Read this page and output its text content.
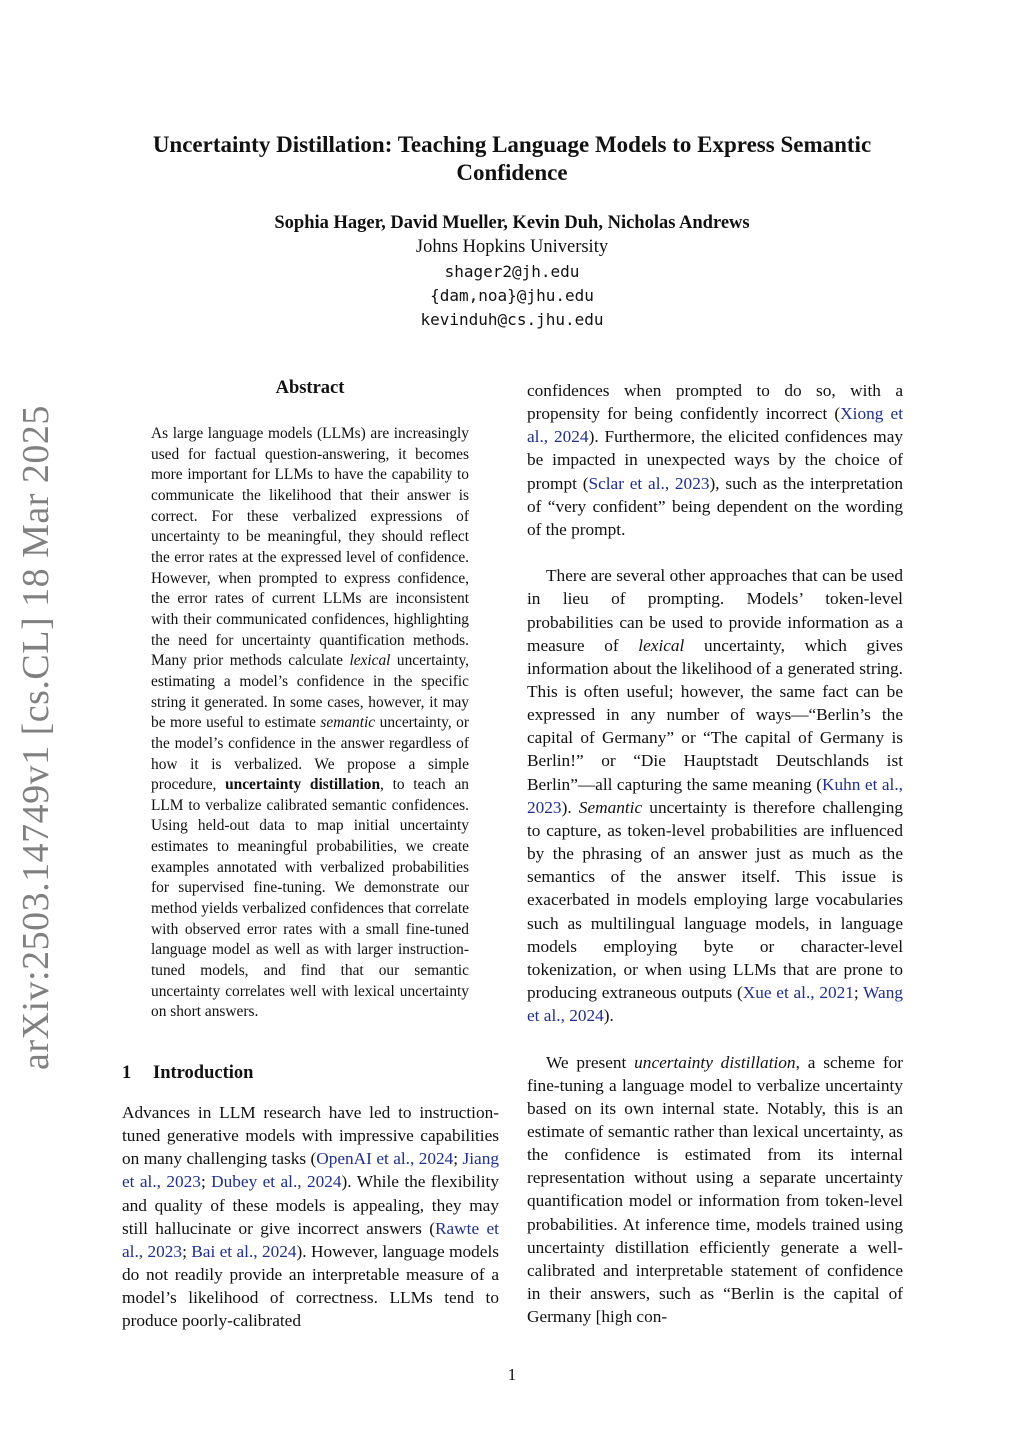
arXiv:2503.14749v1 [cs.CL] 18 Mar 2025
Uncertainty Distillation: Teaching Language Models to Express Semantic Confidence
Sophia Hager, David Mueller, Kevin Duh, Nicholas Andrews
Johns Hopkins University
shager2@jh.edu
{dam,noa}@jhu.edu
kevinduh@cs.jhu.edu
Abstract
As large language models (LLMs) are increasingly used for factual question-answering, it becomes more important for LLMs to have the capability to communicate the likelihood that their answer is correct. For these verbalized expressions of uncertainty to be meaningful, they should reflect the error rates at the expressed level of confidence. However, when prompted to express confidence, the error rates of current LLMs are inconsistent with their communicated confidences, highlighting the need for uncertainty quantification methods. Many prior methods calculate lexical uncertainty, estimating a model’s confidence in the specific string it generated. In some cases, however, it may be more useful to estimate semantic uncertainty, or the model’s confidence in the answer regardless of how it is verbalized. We propose a simple procedure, uncertainty distillation, to teach an LLM to verbalize calibrated semantic confidences. Using held-out data to map initial uncertainty estimates to meaningful probabilities, we create examples annotated with verbalized probabilities for supervised fine-tuning. We demonstrate our method yields verbalized confidences that correlate with observed error rates with a small fine-tuned language model as well as with larger instruction-tuned models, and find that our semantic uncertainty correlates well with lexical uncertainty on short answers.
1 Introduction

Advances in LLM research have led to instruction-tuned generative models with impressive capabilities on many challenging tasks (OpenAI et al., 2024; Jiang et al., 2023; Dubey et al., 2024). While the flexibility and quality of these models is appealing, they may still hallucinate or give incorrect answers (Rawte et al., 2023; Bai et al., 2024). However, language models do not readily provide an interpretable measure of a model’s likelihood of correctness. LLMs tend to produce poorly-calibrated

confidences when prompted to do so, with a propensity for being confidently incorrect (Xiong et al., 2024). Furthermore, the elicited confidences may be impacted in unexpected ways by the choice of prompt (Sclar et al., 2023), such as the interpretation of “very confident” being dependent on the wording of the prompt.

There are several other approaches that can be used in lieu of prompting. Models’ token-level probabilities can be used to provide information as a measure of lexical uncertainty, which gives information about the likelihood of a generated string. This is often useful; however, the same fact can be expressed in any number of ways—“Berlin’s the capital of Germany” or “The capital of Germany is Berlin!” or “Die Hauptstadt Deutschlands ist Berlin”—all capturing the same meaning (Kuhn et al., 2023). Semantic uncertainty is therefore challenging to capture, as token-level probabilities are influenced by the phrasing of an answer just as much as the semantics of the answer itself. This issue is exacerbated in models employing large vocabularies such as multilingual language models, in language models employing byte or character-level tokenization, or when using LLMs that are prone to producing extraneous outputs (Xue et al., 2021; Wang et al., 2024).

We present uncertainty distillation, a scheme for fine-tuning a language model to verbalize uncertainty based on its own internal state. Notably, this is an estimate of semantic rather than lexical uncertainty, as the confidence is estimated from its internal representation without using a separate uncertainty quantification model or information from token-level probabilities. At inference time, models trained using uncertainty distillation efficiently generate a well-calibrated and interpretable statement of confidence in their answers, such as “Berlin is the capital of Germany [high con-

1
